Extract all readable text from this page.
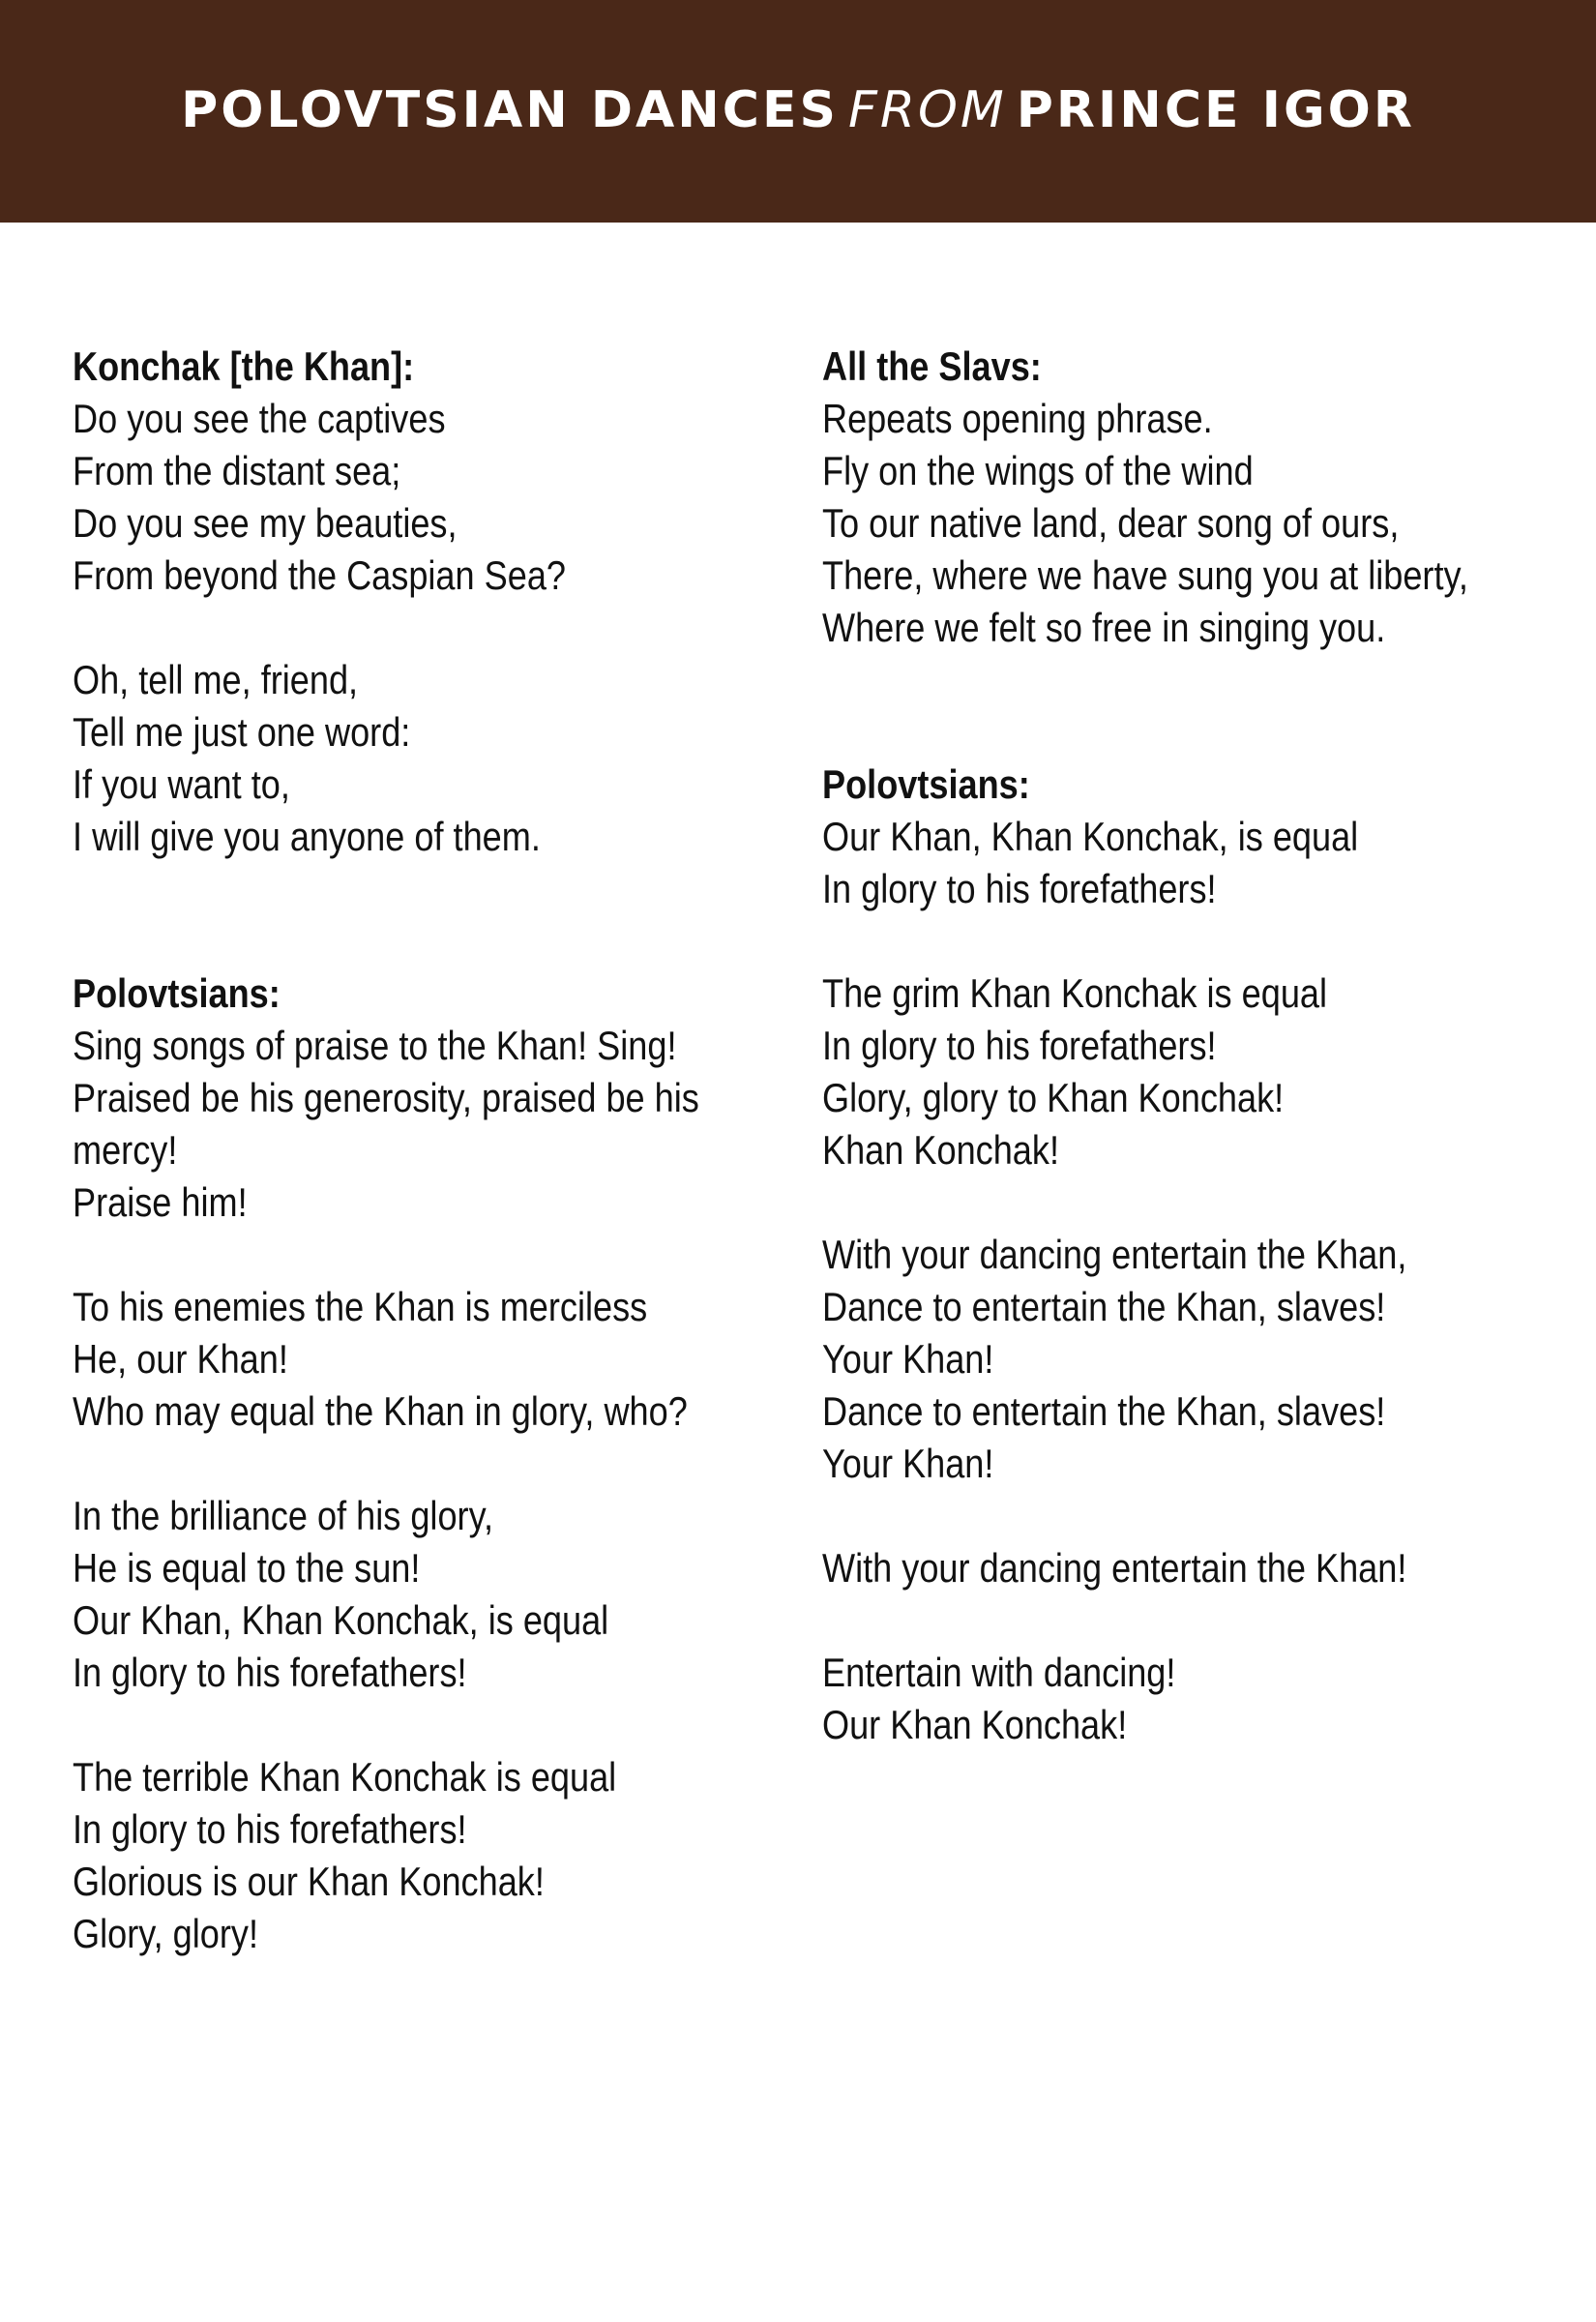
POLOVTSIAN DANCES FROM PRINCE IGOR
Konchak [the Khan]:
Do you see the captives
From the distant sea;
Do you see my beauties,
From beyond the Caspian Sea?
Oh, tell me, friend,
Tell me just one word:
If you want to,
I will give you anyone of them.
Polovtsians:
Sing songs of praise to the Khan! Sing!
Praised be his generosity, praised be his
mercy!
Praise him!
To his enemies the Khan is merciless
He, our Khan!
Who may equal the Khan in glory, who?
In the brilliance of his glory,
He is equal to the sun!
Our Khan, Khan Konchak, is equal
In glory to his forefathers!
The terrible Khan Konchak is equal
In glory to his forefathers!
Glorious is our Khan Konchak!
Glory, glory!
All the Slavs:
Repeats opening phrase.
Fly on the wings of the wind
To our native land, dear song of ours,
There, where we have sung you at liberty,
Where we felt so free in singing you.
Polovtsians:
Our Khan, Khan Konchak, is equal
In glory to his forefathers!
The grim Khan Konchak is equal
In glory to his forefathers!
Glory, glory to Khan Konchak!
Khan Konchak!
With your dancing entertain the Khan,
Dance to entertain the Khan, slaves!
Your Khan!
Dance to entertain the Khan, slaves!
Your Khan!
With your dancing entertain the Khan!
Entertain with dancing!
Our Khan Konchak!
